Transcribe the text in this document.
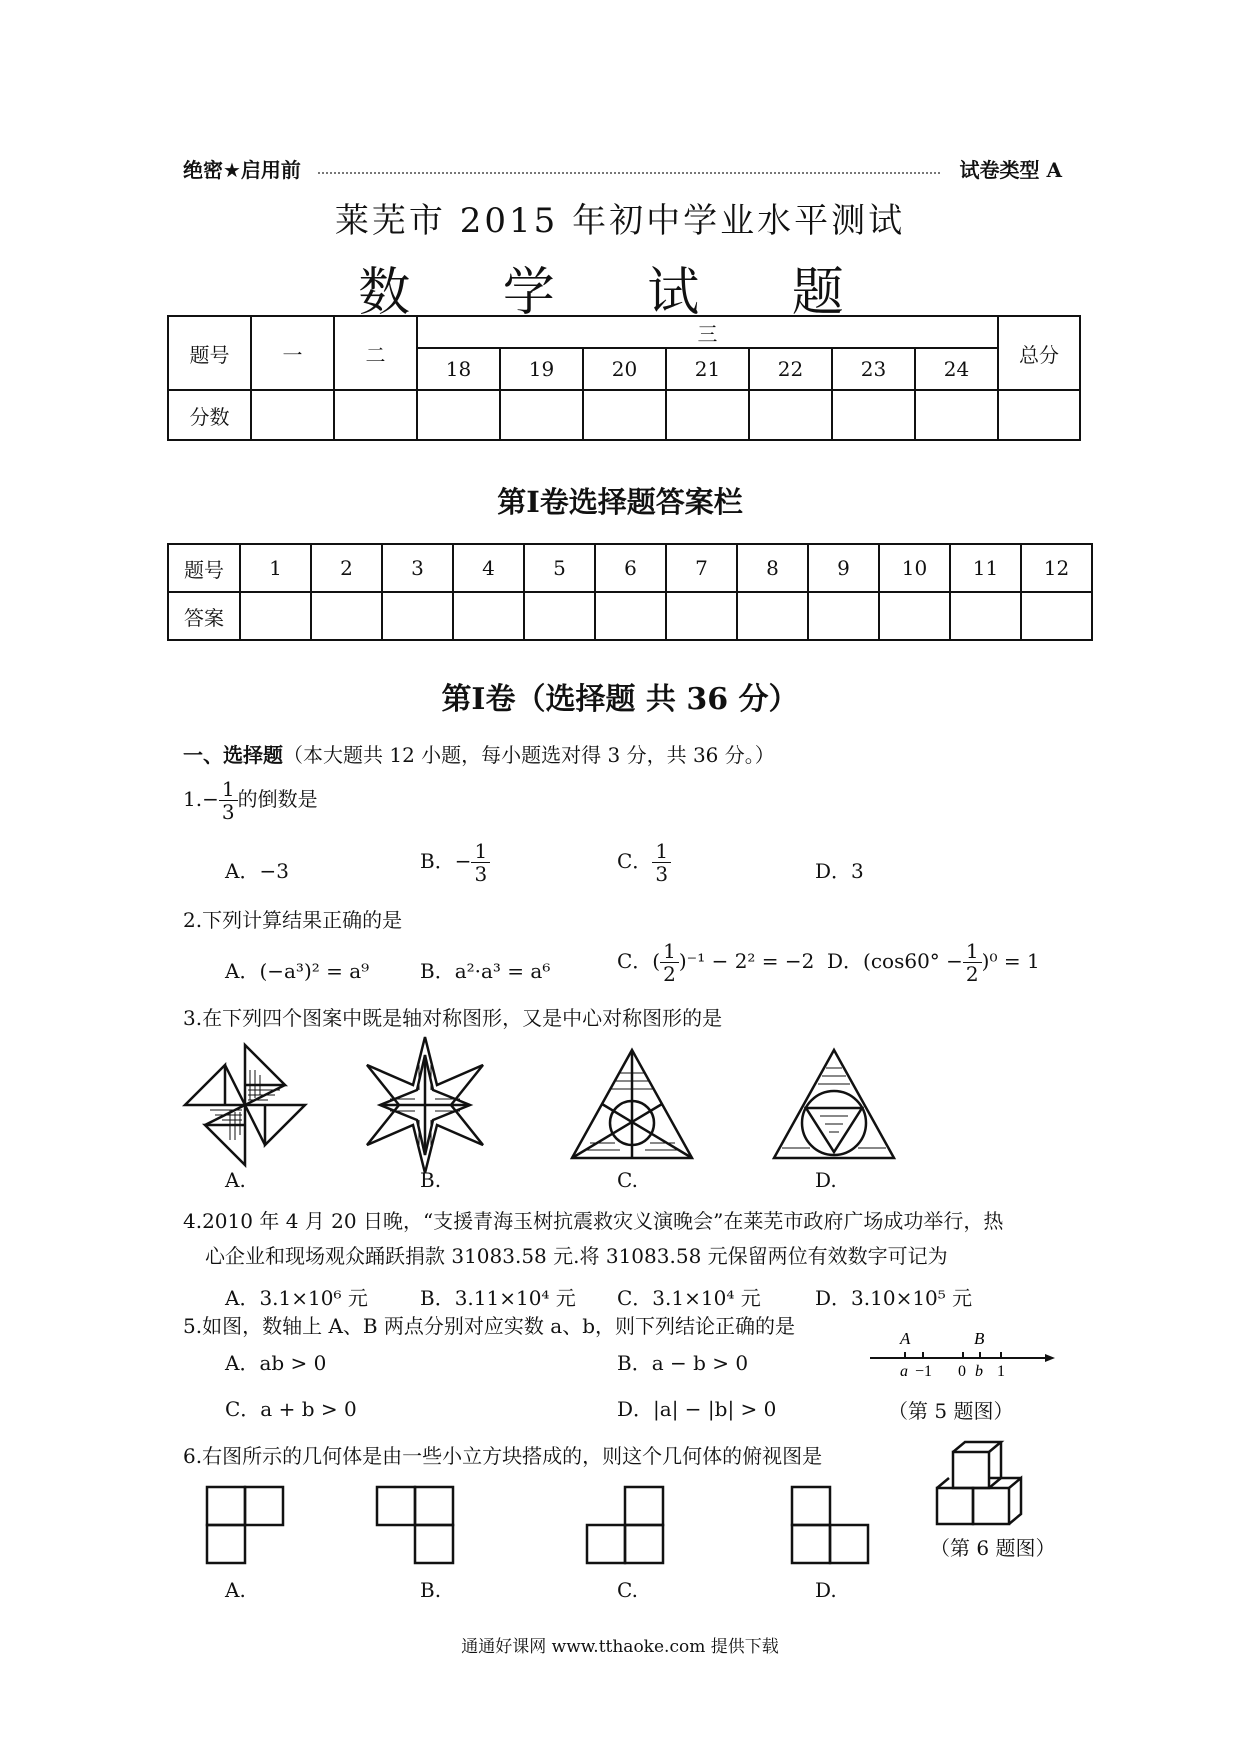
绝密★启用前	试卷类型 A
莱芜市 2015 年初中学业水平测试
数 学 试 题
题号	一	二	三							总分
			18	19	20	21	22	23	24	
分数										
第Ⅰ卷选择题答案栏
题号	1	2	3	4	5	6	7	8	9	10	11	12
答案												
第Ⅰ卷（选择题 共 36 分）
一、选择题（本大题共 12 小题，每小题选对得 3 分，共 36 分。）
$1.- \frac{1}{3}$ 的倒数是
A．−3	B．− $\frac{1}{3}$	C． $\frac{1}{3}$	D．3
2.下列计算结果正确的是
A．(−a³)² = a⁹	B．a²·a³ = a⁶	C．( $\frac{1}{2} )^{-1} - 2^2 = -2$ D．$(\cos 60^\circ - \frac{1}{2} )^0 = 1$
3.在下列四个图案中既是轴对称图形，又是中心对称图形的是
A.	B.	C.	D.
4.2010 年 4 月 20 日晚，“支援青海玉树抗震救灾义演晚会”在莱芜市政府广场成功举行，热
心企业和现场观众踊跃捐款 31083.58 元.将 31083.58 元保留两位有效数字可记为
A．3.1×10⁶ 元	B．3.11×10⁴ 元 C．3.1×10⁴ 元	D．3.10×10⁵ 元
5.如图，数轴上 A、B 两点分别对应实数 a、b，则下列结论正确的是
A．ab > 0	B．a − b > 0
C．a + b > 0	D．|a| − |b| > 0
A	B
a −1 0 b 1
（第 5 题图）
6.右图所示的几何体是由一些小立方块搭成的，则这个几何体的俯视图是
（第 6 题图）
A.	B.	C.	D.
通通好课网 www.tthaoke.com 提供下载
